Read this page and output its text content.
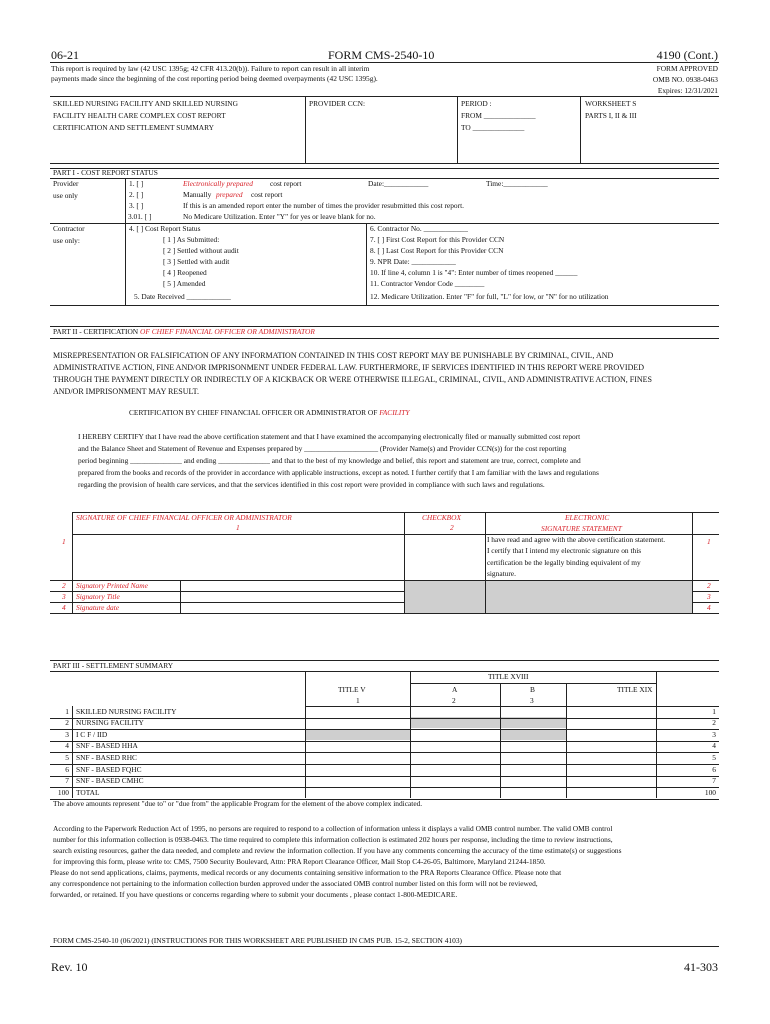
06-21	FORM CMS-2540-10	4190 (Cont.)
This report is required by law (42 USC 1395g; 42 CFR 413.20(b)). Failure to report can result in all interim
payments made since the beginning of the cost reporting period being deemed overpayments (42 USC 1395g).
FORM APPROVED
OMB NO. 0938-0463
Expires: 12/31/2021
SKILLED NURSING FACILITY AND SKILLED NURSING
FACILITY HEALTH CARE COMPLEX COST REPORT
CERTIFICATION AND SETTLEMENT SUMMARY
PROVIDER CCN:	PERIOD :
FROM ______________
TO ______________
WORKSHEET S
PARTS I, II & III
PART I - COST REPORT STATUS
Provider
use only
1. [ ]	Electronically prepared cost report	Date:____________	Time:____________
2. [ ]	Manually prepared cost report
3. [ ]	If this is an amended report enter the number of times the provider resubmitted this cost report.
3.01. [ ]	No Medicare Utilization. Enter "Y" for yes or leave blank for no.
Contractor
use only:
4. [ ] Cost Report Status
[ 1 ] As Submitted:
[ 2 ] Settled without audit
[ 3 ] Settled with audit
[ 4 ] Reopened
[ 5 ] Amended
5. Date Received ____________
6. Contractor No. ____________
7. [ ] First Cost Report for this Provider CCN
8. [ ] Last Cost Report for this Provider CCN
9. NPR Date: ____________
10. If line 4, column 1 is "4": Enter number of times reopened ______
11. Contractor Vendor Code ________
12. Medicare Utilization. Enter "F" for full, "L" for low, or "N" for no utilization
PART II - CERTIFICATION OF CHIEF FINANCIAL OFFICER OR ADMINISTRATOR
MISREPRESENTATION OR FALSIFICATION OF ANY INFORMATION CONTAINED IN THIS COST REPORT MAY BE PUNISHABLE BY CRIMINAL, CIVIL, AND
ADMINISTRATIVE ACTION, FINE AND/OR IMPRISONMENT UNDER FEDERAL LAW. FURTHERMORE, IF SERVICES IDENTIFIED IN THIS REPORT WERE PROVIDED
THROUGH THE PAYMENT DIRECTLY OR INDIRECTLY OF A KICKBACK OR WERE OTHERWISE ILLEGAL, CRIMINAL, CIVIL, AND ADMINISTRATIVE ACTION, FINES
AND/OR IMPRISONMENT MAY RESULT.
CERTIFICATION BY CHIEF FINANCIAL OFFICER OR ADMINISTRATOR OF FACILITY
I HEREBY CERTIFY that I have read the above certification statement and that I have examined the accompanying electronically filed or manually submitted cost report
and the Balance Sheet and Statement of Revenue and Expenses prepared by ____________________ (Provider Name(s) and Provider CCN(s)) for the cost reporting
period beginning ______________ and ending ______________ and that to the best of my knowledge and belief, this report and statement are true, correct, complete and
prepared from the books and records of the provider in accordance with applicable instructions, except as noted. I further certify that I am familiar with the laws and regulations
regarding the provision of health care services, and that the services identified in this cost report were provided in compliance with such laws and regulations.
SIGNATURE OF CHIEF FINANCIAL OFFICER OR ADMINISTRATOR
1
CHECKBOX
2
ELECTRONIC
SIGNATURE STATEMENT
1	I have read and agree with the above certification statement.
I certify that I intend my electronic signature on this
certification be the legally binding equivalent of my
signature.
1
2 Signatory Printed Name	2
3 Signatory Title	3
4 Signature date	4
PART III - SETTLEMENT SUMMARY
TITLE XVIII
TITLE V	A	B	TITLE XIX
1	2	3
1 SKILLED NURSING FACILITY	1
2 NURSING FACILITY	2
3 I C F / IID	3
4 SNF - BASED HHA	4
5 SNF - BASED RHC	5
6 SNF - BASED FQHC	6
7 SNF - BASED CMHC	7
100 TOTAL	100
The above amounts represent "due to" or "due from" the applicable Program for the element of the above complex indicated.
According to the Paperwork Reduction Act of 1995, no persons are required to respond to a collection of information unless it displays a valid OMB control number. The valid OMB control
number for this information collection is 0938-0463. The time required to complete this information collection is estimated 202 hours per response, including the time to review instructions,
search existing resources, gather the data needed, and complete and review the information collection. If you have any comments concerning the accuracy of the time estimate(s) or suggestions
for improving this form, please write to: CMS, 7500 Security Boulevard, Attn: PRA Report Clearance Officer, Mail Stop C4-26-05, Baltimore, Maryland 21244-1850.
Please do not send applications, claims, payments, medical records or any documents containing sensitive information to the PRA Reports Clearance Office. Please note that
any correspondence not pertaining to the information collection burden approved under the associated OMB control number listed on this form will not be reviewed,
forwarded, or retained. If you have questions or concerns regarding where to submit your documents , please contact 1-800-MEDICARE.
FORM CMS-2540-10 (06/2021) (INSTRUCTIONS FOR THIS WORKSHEET ARE PUBLISHED IN CMS PUB. 15-2, SECTION 4103)
Rev. 10	41-303
